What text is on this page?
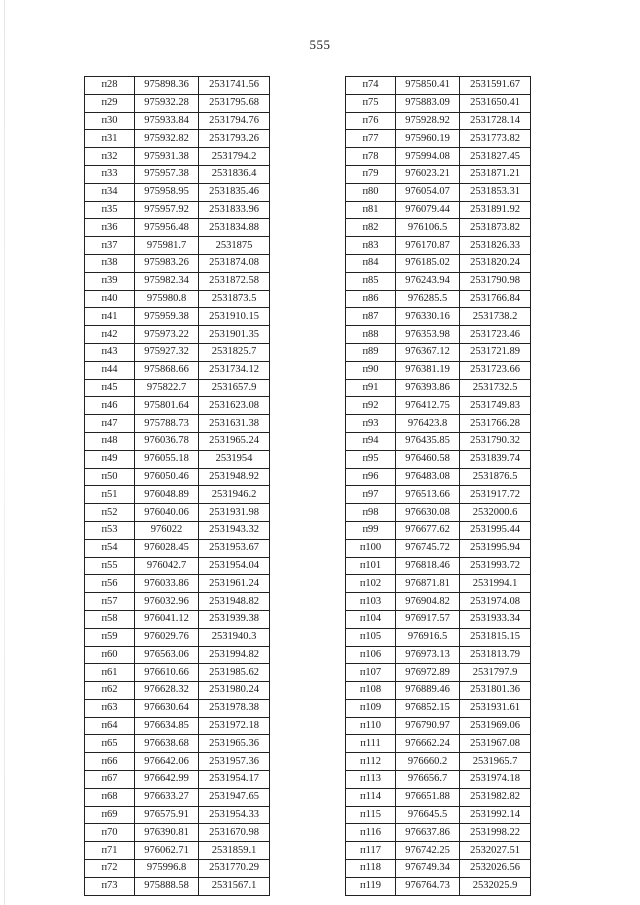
555
п28	975898.36	2531741.56
п29	975932.28	2531795.68
п30	975933.84	2531794.76
п31	975932.82	2531793.26
п32	975931.38	2531794.2
п33	975957.38	2531836.4
п34	975958.95	2531835.46
п35	975957.92	2531833.96
п36	975956.48	2531834.88
п37	975981.7	2531875
п38	975983.26	2531874.08
п39	975982.34	2531872.58
п40	975980.8	2531873.5
п41	975959.38	2531910.15
п42	975973.22	2531901.35
п43	975927.32	2531825.7
п44	975868.66	2531734.12
п45	975822.7	2531657.9
п46	975801.64	2531623.08
п47	975788.73	2531631.38
п48	976036.78	2531965.24
п49	976055.18	2531954
п50	976050.46	2531948.92
п51	976048.89	2531946.2
п52	976040.06	2531931.98
п53	976022	2531943.32
п54	976028.45	2531953.67
п55	976042.7	2531954.04
п56	976033.86	2531961.24
п57	976032.96	2531948.82
п58	976041.12	2531939.38
п59	976029.76	2531940.3
п60	976563.06	2531994.82
п61	976610.66	2531985.62
п62	976628.32	2531980.24
п63	976630.64	2531978.38
п64	976634.85	2531972.18
п65	976638.68	2531965.36
п66	976642.06	2531957.36
п67	976642.99	2531954.17
п68	976633.27	2531947.65
п69	976575.91	2531954.33
п70	976390.81	2531670.98
п71	976062.71	2531859.1
п72	975996.8	2531770.29
п73	975888.58	2531567.1
п74	975850.41	2531591.67
п75	975883.09	2531650.41
п76	975928.92	2531728.14
п77	975960.19	2531773.82
п78	975994.08	2531827.45
п79	976023.21	2531871.21
п80	976054.07	2531853.31
п81	976079.44	2531891.92
п82	976106.5	2531873.82
п83	976170.87	2531826.33
п84	976185.02	2531820.24
п85	976243.94	2531790.98
п86	976285.5	2531766.84
п87	976330.16	2531738.2
п88	976353.98	2531723.46
п89	976367.12	2531721.89
п90	976381.19	2531723.66
п91	976393.86	2531732.5
п92	976412.75	2531749.83
п93	976423.8	2531766.28
п94	976435.85	2531790.32
п95	976460.58	2531839.74
п96	976483.08	2531876.5
п97	976513.66	2531917.72
п98	976630.08	2532000.6
п99	976677.62	2531995.44
п100	976745.72	2531995.94
п101	976818.46	2531993.72
п102	976871.81	2531994.1
п103	976904.82	2531974.08
п104	976917.57	2531933.34
п105	976916.5	2531815.15
п106	976973.13	2531813.79
п107	976972.89	2531797.9
п108	976889.46	2531801.36
п109	976852.15	2531931.61
п110	976790.97	2531969.06
п111	976662.24	2531967.08
п112	976660.2	2531965.7
п113	976656.7	2531974.18
п114	976651.88	2531982.82
п115	976645.5	2531992.14
п116	976637.86	2531998.22
п117	976742.25	2532027.51
п118	976749.34	2532026.56
п119	976764.73	2532025.9
